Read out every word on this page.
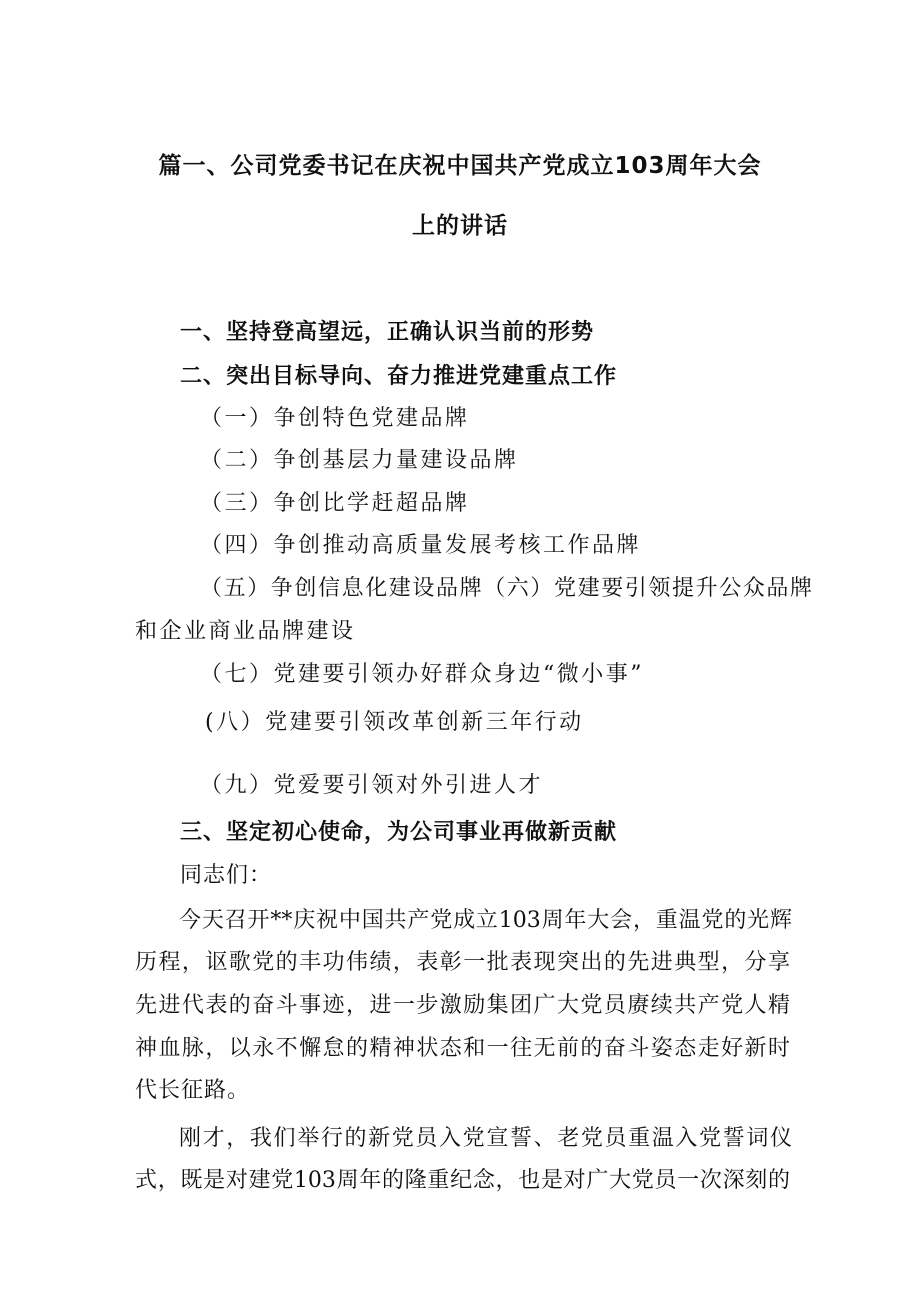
篇一、公司党委书记在庆祝中国共产党成立103周年大会
上的讲话
一、坚持登高望远，正确认识当前的形势
二、突出目标导向、奋力推进党建重点工作
（一）争创特色党建品牌
（二）争创基层力量建设品牌
（三）争创比学赶超品牌
（四）争创推动高质量发展考核工作品牌
（五）争创信息化建设品牌（六）党建要引领提升公众品牌
和企业商业品牌建设
（七）党建要引领办好群众身边“微小事”
(八）党建要引领改革创新三年行动
（九）党爱要引领对外引进人才
三、坚定初心使命，为公司事业再做新贡献
同志们：
今天召开**庆祝中国共产党成立103周年大会，重温党的光辉
历程，讴歌党的丰功伟绩，表彰一批表现突出的先进典型，分享
先进代表的奋斗事迹，进一步激励集团广大党员赓续共产党人精
神血脉，以永不懈怠的精神状态和一往无前的奋斗姿态走好新时
代长征路。
刚才，我们举行的新党员入党宣誓、老党员重温入党誓词仪
式，既是对建党103周年的隆重纪念，也是对广大党员一次深刻的
